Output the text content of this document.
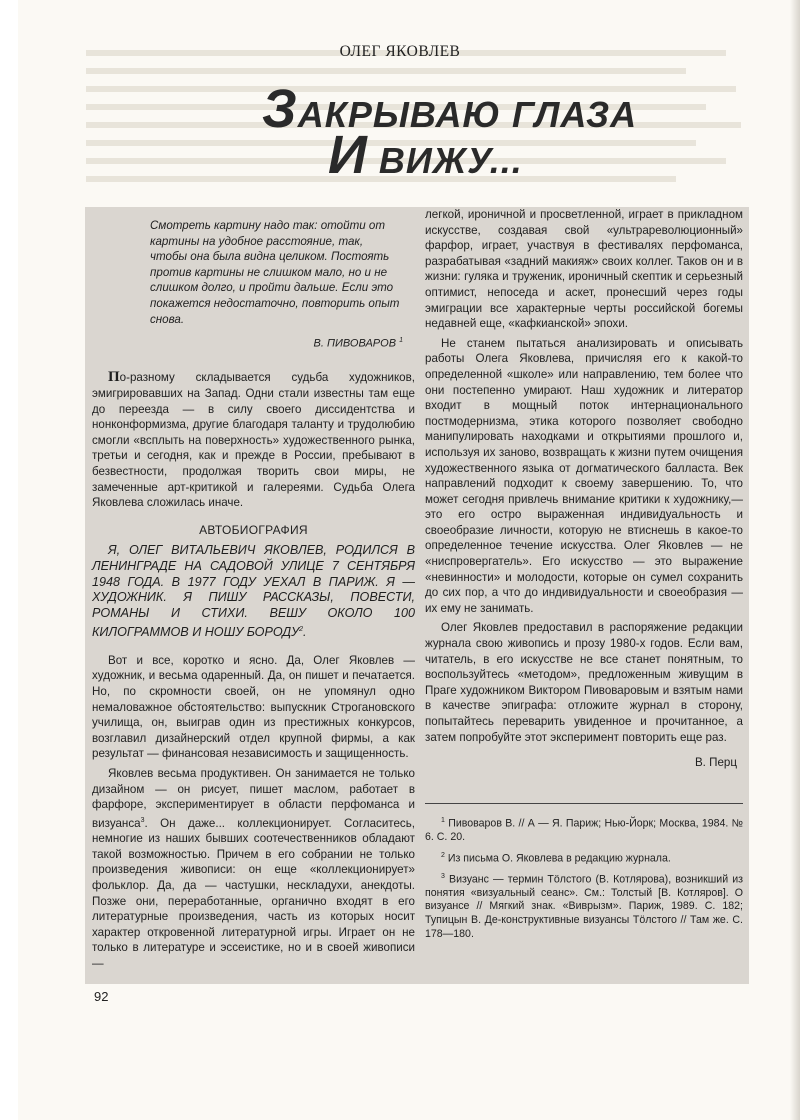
ОЛЕГ ЯКОВЛЕВ
ЗАКРЫВАЮ ГЛАЗА
И ВИЖУ...
Смотреть картину надо так: отойти от картины на удобное расстояние, так, чтобы она была видна целиком. Постоять против картины не слишком мало, но и не слишком долго, и пройти дальше. Если это покажется недостаточно, повторить опыт снова.
В. ПИВОВАРОВ $^1$

По-разному складывается судьба художников, эмигрировавших на Запад. Одни стали известны там еще до переезда — в силу своего диссидентства и нонконформизма, другие благодаря таланту и трудолюбию смогли «всплыть на поверхность» художественного рынка, третьи и сегодня, как и прежде в России, пребывают в безвестности, продолжая творить свои миры, не замеченные арт-критикой и галереями. Судьба Олега Яковлева сложилась иначе.

АВТОБИОГРАФИЯ
Я, ОЛЕГ ВИТАЛЬЕВИЧ ЯКОВЛЕВ, РОДИЛСЯ В ЛЕНИНГРАДЕ НА САДОВОЙ УЛИЦЕ 7 СЕНТЯБРЯ 1948 ГОДА. В 1977 ГОДУ УЕХАЛ В ПАРИЖ. Я — ХУДОЖНИК. Я ПИШУ РАССКАЗЫ, ПОВЕСТИ, РОМАНЫ И СТИХИ. ВЕШУ ОКОЛО 100 КИЛОГРАММОВ И НОШУ БОРОДУ$^2$.

Вот и все, коротко и ясно. Да, Олег Яковлев — художник, и весьма одаренный. Да, он пишет и печатается. Но, по скромности своей, он не упомянул одно немаловажное обстоятельство: выпускник Строгановского училища, он, выиграв один из престижных конкурсов, возглавил дизайнерский отдел крупной фирмы, а как результат — финансовая независимость и защищенность.

Яковлев весьма продуктивен. Он занимается не только дизайном — он рисует, пишет маслом, работает в фарфоре, экспериментирует в области перфоманса и визуанса$^3$. Он даже... коллекционирует. Согласитесь, немногие из наших бывших соотечественников обладают такой возможностью. Причем в его собрании не только произведения живописи: он еще «коллекционирует» фольклор. Да, да — частушки, нескладухи, анекдоты. Позже они, переработанные, органично входят в его литературные произведения, часть из которых носит характер откровенной литературной игры. Играет он не только в литературе и эссеистике, но и в своей живописи —

легкой, ироничной и просветленной, играет в прикладном искусстве, создавая свой «ультрареволюционный» фарфор, играет, участвуя в фестивалях перфоманса, разрабатывая «задний макияж» своих коллег. Таков он и в жизни: гуляка и труженик, ироничный скептик и серьезный оптимист, непоседа и аскет, пронесший через годы эмиграции все характерные черты российской богемы недавней еще, «кафкианской» эпохи.

Не станем пытаться анализировать и описывать работы Олега Яковлева, причисляя его к какой-то определенной «школе» или направлению, тем более что они постепенно умирают. Наш художник и литератор входит в мощный поток интернационального постмодернизма, этика которого позволяет свободно манипулировать находками и открытиями прошлого и, используя их заново, возвращать к жизни путем очищения художественного языка от догматического балласта. Век направлений подходит к своему завершению. То, что может сегодня привлечь внимание критики к художнику,— это его остро выраженная индивидуальность и своеобразие личности, которую не втиснешь в какое-то определенное течение искусства. Олег Яковлев — не «ниспровергатель». Его искусство — это выражение «невинности» и молодости, которые он сумел сохранить до сих пор, а что до индивидуальности и своеобразия — их ему не занимать.

Олег Яковлев предоставил в распоряжение редакции журнала свою живопись и прозу 1980-х годов. Если вам, читатель, в его искусстве не все станет понятным, то воспользуйтесь «методом», предложенным живущим в Праге художником Виктором Пивоваровым и взятым нами в качестве эпиграфа: отложите журнал в сторону, попытайтесь переварить увиденное и прочитанное, а затем попробуйте этот эксперимент повторить еще раз.

В. Перц

$^1$ Пивоваров В. // А — Я. Париж; Нью-Йорк; Москва, 1984. № 6. С. 20.

$^2$ Из письма О. Яковлева в редакцию журнала.

$^3$ Визуанс — термин Тӧлстого (В. Котлярова), возникший из понятия «визуальный сеанс». См.: Толстый [В. Котляров]. О визуансе // Мягкий знак. «Виврызм». Париж, 1989. С. 182; Тупицын В. Де-конструктивные визуансы Тӧлстого // Там же. С. 178—180.

92
